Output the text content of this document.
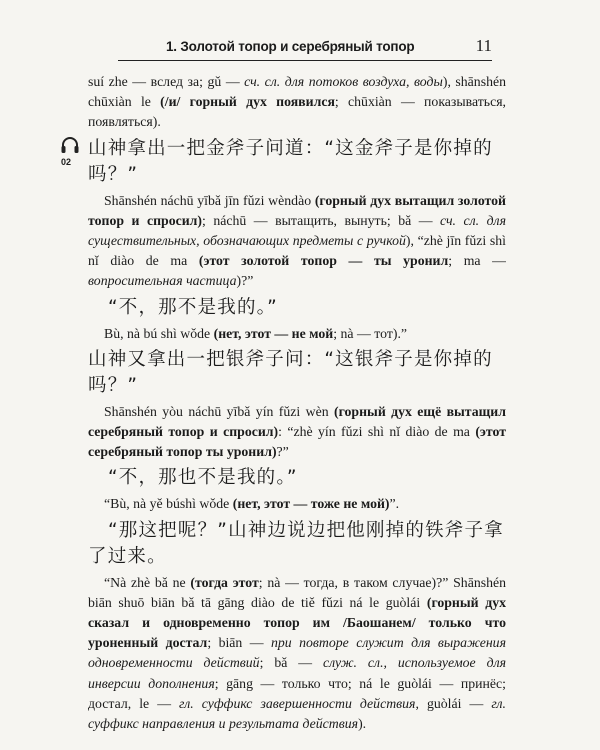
1. Золотой топор и серебряный топор	11
02

suí zhe — вслед за; gǔ — сч. сл. для потоков воздуха, воды), shānshén chūxiàn le (/и/ горный дух появился; chūxiàn — показываться, появляться).

山神拿出一把金斧子问道：“这金斧子是你掉的吗？”

Shānshén náchū yībǎ jīn fǔzi wèndào (горный дух вытащил золотой топор и спросил); náchū — вытащить, вынуть; bǎ — сч. сл. для существительных, обозначающих предметы с ручкой), “zhè jīn fǔzi shì nǐ diào de ma (этот золотой топор — ты уронил; ma — вопросительная частица)?”

“不，那不是我的。”

Bù, nà bú shì wǒde (нет, этот — не мой; nà — тот).”

山神又拿出一把银斧子问：“这银斧子是你掉的吗？”

Shānshén yòu náchū yībǎ yín fǔzi wèn (горный дух ещё вытащил серебряный топор и спросил): “zhè yín fǔzi shì nǐ diào de ma (этот серебряный топор ты уронил)?”

“不，那也不是我的。”

“Bù, nà yě búshì wǒde (нет, этот — тоже не мой)”.

“那这把呢？”山神边说边把他刚掉的铁斧子拿了过来。

“Nà zhè bǎ ne (тогда этот; nà — тогда, в таком случае)?” Shānshén biān shuō biān bǎ tā gāng diào de tiě fǔzi ná le guòlái (горный дух сказал и одновременно топор им /Баошанем/ только что уроненный достал; biān — при повторе служит для выражения одновременности действий; bǎ — служ. сл., используемое для инверсии дополнения; gāng — только что; ná le guòlái — принёс; достал, le — гл. суффикс завершенности действия, guòlái — гл. суффикс направления и результата действия).
